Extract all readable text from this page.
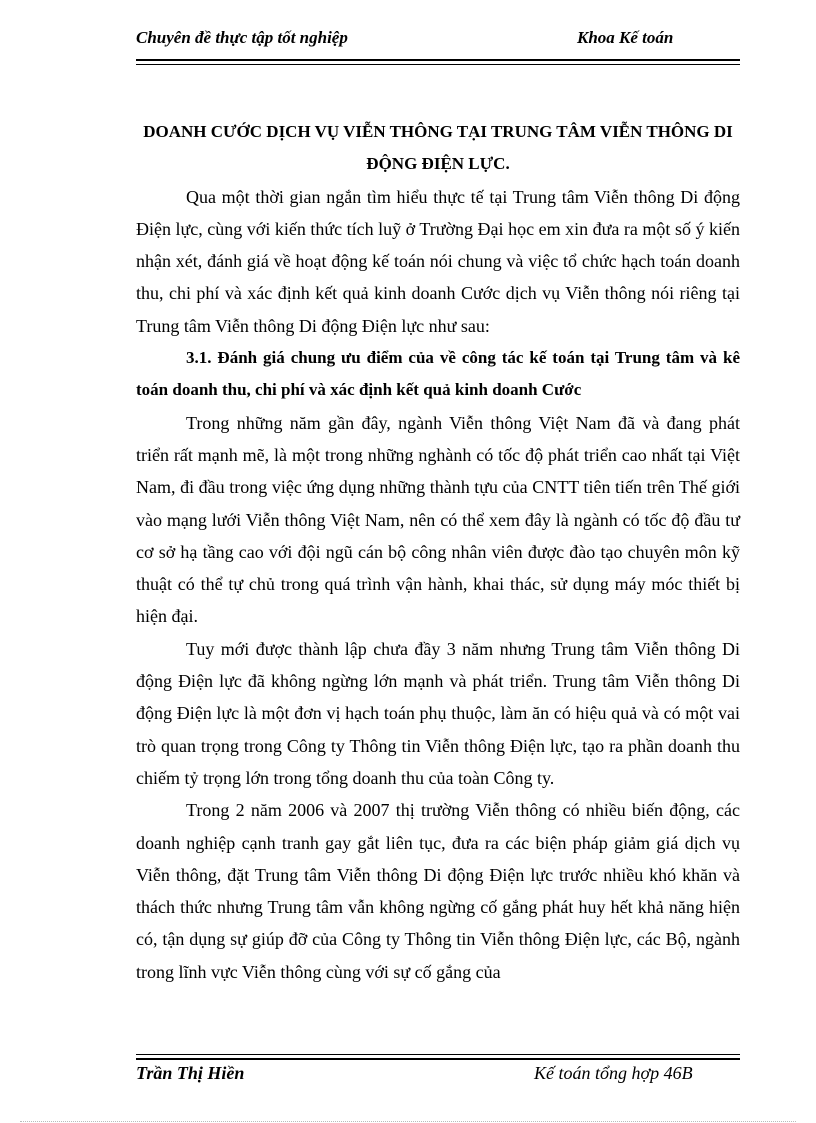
Chuyên đề thực tập tốt nghiệp	Khoa Kế toán

DOANH CƯỚC DỊCH VỤ VIỄN THÔNG TẠI TRUNG TÂM VIỄN THÔNG DI ĐỘNG ĐIỆN LỰC.

Qua một thời gian ngắn tìm hiểu thực tế tại Trung tâm Viễn thông Di động Điện lực, cùng với kiến thức tích luỹ ở Trường Đại học em xin đưa ra một số ý kiến nhận xét, đánh giá về hoạt động kế toán nói chung và việc tổ chức hạch toán doanh thu, chi phí và xác định kết quả kinh doanh Cước dịch vụ Viễn thông nói riêng tại Trung tâm Viễn thông Di động Điện lực như sau:

3.1. Đánh giá chung ưu điểm của về công tác kế toán tại Trung tâm và kê toán doanh thu, chi phí và xác định kết quả kinh doanh Cước

Trong những năm gần đây, ngành Viễn thông Việt Nam đã và đang phát triển rất mạnh mẽ, là một trong những nghành có tốc độ phát triển cao nhất tại Việt Nam, đi đầu trong việc ứng dụng những thành tựu của CNTT tiên tiến trên Thế giới vào mạng lưới Viễn thông Việt Nam, nên có thể xem đây là ngành có tốc độ đầu tư cơ sở hạ tầng cao với đội ngũ cán bộ công nhân viên được đào tạo chuyên môn kỹ thuật có thể tự chủ trong quá trình vận hành, khai thác, sử dụng máy móc thiết bị hiện đại.

Tuy mới được thành lập chưa đầy 3 năm nhưng Trung tâm Viễn thông Di động Điện lực đã không ngừng lớn mạnh và phát triển. Trung tâm Viễn thông Di động Điện lực là một đơn vị hạch toán phụ thuộc, làm ăn có hiệu quả và có một vai trò quan trọng trong Công ty Thông tin Viễn thông Điện lực, tạo ra phần doanh thu chiếm tỷ trọng lớn trong tổng doanh thu của toàn Công ty.

Trong 2 năm 2006 và 2007 thị trường Viễn thông có nhiều biến động, các doanh nghiệp cạnh tranh gay gắt liên tục, đưa ra các biện pháp giảm giá dịch vụ Viễn thông, đặt Trung tâm Viễn thông Di động Điện lực trước nhiều khó khăn và thách thức nhưng Trung tâm vẫn không ngừng cố gắng phát huy hết khả năng hiện có, tận dụng sự giúp đỡ của Công ty Thông tin Viễn thông Điện lực, các Bộ, ngành trong lĩnh vực Viễn thông cùng với sự cố gắng của

Trần Thị Hiền	Kế toán tổng hợp 46B
